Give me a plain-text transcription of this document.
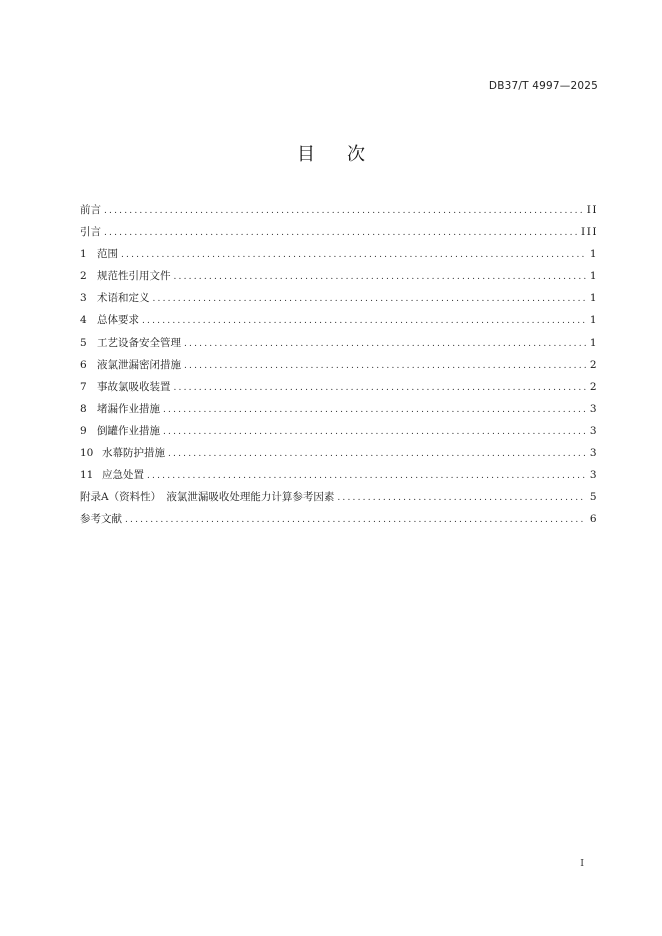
DB37/T 4997—2025
目 次
前言 .....	II
引言 .....	III
1 范围 .....	1
2 规范性引用文件 .....	1
3 术语和定义 .....	1
4 总体要求 .....	1
5 工艺设备安全管理 .....	1
6 液氯泄漏密闭措施 .....	2
7 事故氯吸收装置 .....	2
8 堵漏作业措施 .....	3
9 倒罐作业措施 .....	3
10 水幕防护措施 .....	3
11 应急处置 .....	3
附录A（资料性）　液氯泄漏吸收处理能力计算参考因素 .....	5
参考文献 .....	6
I
